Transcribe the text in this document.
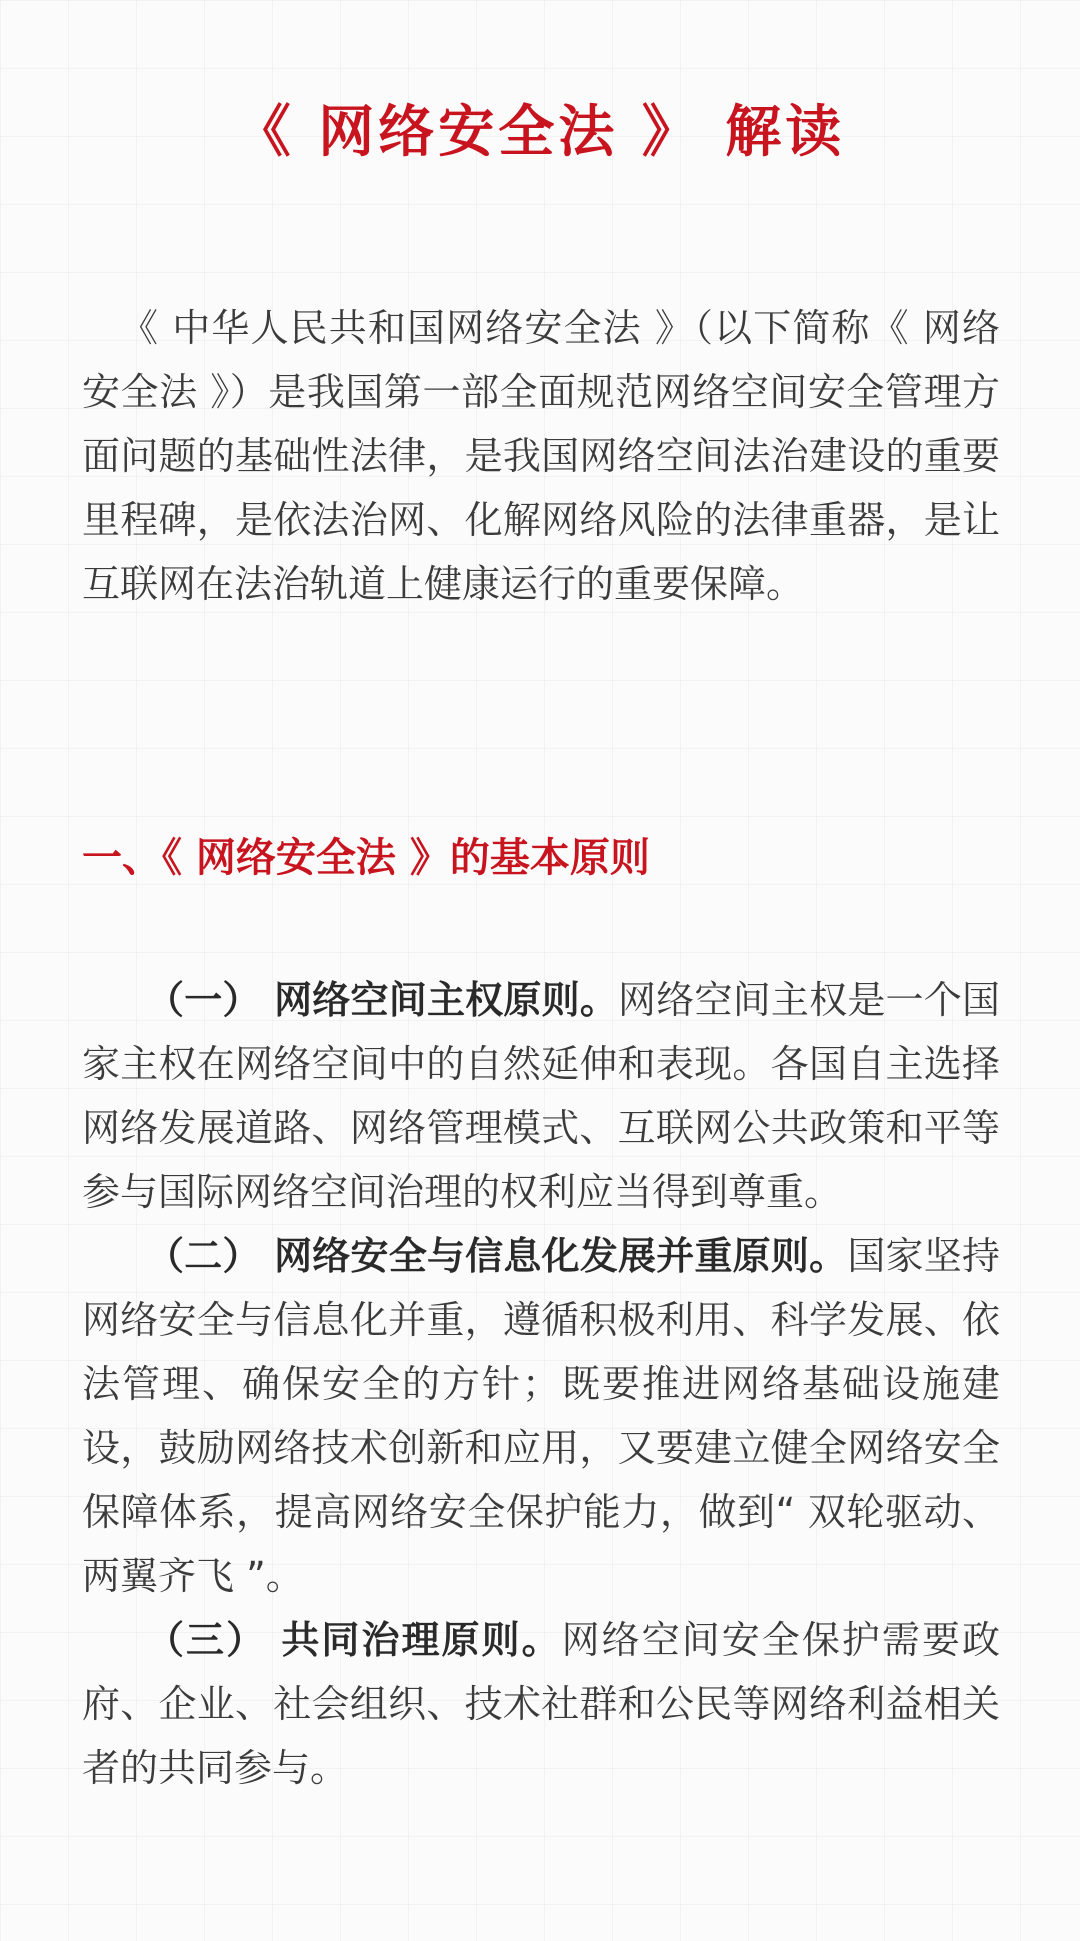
《 网络安全法 》 解读

《 中华人民共和国网络安全法 》（以下简称《 网络安全法 》）是我国第一部全面规范网络空间安全管理方面问题的基础性法律，是我国网络空间法治建设的重要里程碑，是依法治网、化解网络风险的法律重器，是让互联网在法治轨道上健康运行的重要保障。

一、《 网络安全法 》的基本原则

（一） 网络空间主权原则。网络空间主权是一个国家主权在网络空间中的自然延伸和表现。各国自主选择网络发展道路、网络管理模式、互联网公共政策和平等参与国际网络空间治理的权利应当得到尊重。

（二） 网络安全与信息化发展并重原则。国家坚持网络安全与信息化并重，遵循积极利用、科学发展、依法管理、确保安全的方针；既要推进网络基础设施建设，鼓励网络技术创新和应用，又要建立健全网络安全保障体系，提高网络安全保护能力，做到“ 双轮驱动、两翼齐飞 ”。

（三） 共同治理原则。网络空间安全保护需要政府、企业、社会组织、技术社群和公民等网络利益相关者的共同参与。
